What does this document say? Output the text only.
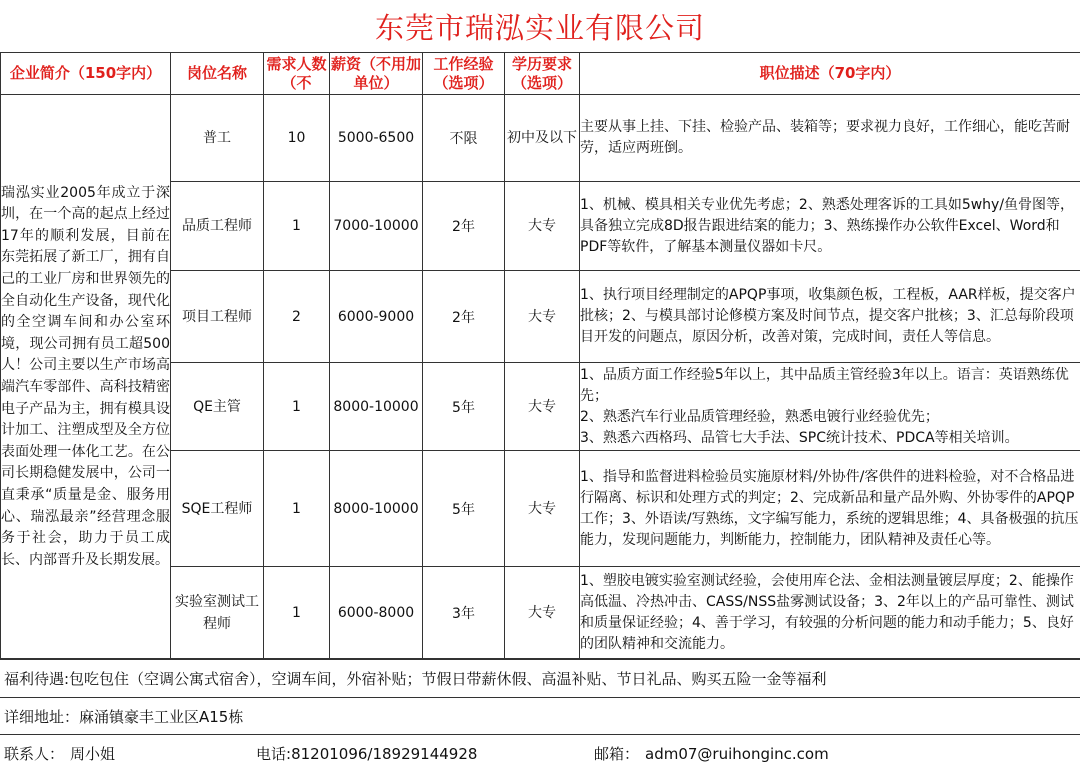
东莞市瑞泓实业有限公司
企业简介（150字内）	岗位名称	需求人数（不	薪资（不用加单位）	工作经验（选项）	学历要求（选项）	职位描述（70字内）
瑞泓实业2005年成立于深圳，在一个高的起点上经过17年的顺利发展，目前在东莞拓展了新工厂，拥有自己的工业厂房和世界领先的全自动化生产设备，现代化的全空调车间和办公室环境，现公司拥有员工超500人！公司主要以生产市场高端汽车零部件、高科技精密电子产品为主，拥有模具设计加工、注塑成型及全方位表面处理一体化工艺。在公司长期稳健发展中，公司一直秉承“质量是金、服务用心、瑞泓最亲”经营理念服务于社会，助力于员工成长、内部晋升及长期发展。	普工	10	5000-6500	不限	初中及以下	主要从事上挂、下挂、检验产品、装箱等；要求视力良好，工作细心，能吃苦耐劳，适应两班倒。

	品质工程师	1	7000-10000	2年	大专	1、机械、模具相关专业优先考虑；2、熟悉处理客诉的工具如5why/鱼骨图等，具备独立完成8D报告跟进结案的能力；3、熟练操作办公软件Excel、Word和PDF等软件，了解基本测量仪器如卡尺。

	项目工程师	2	6000-9000	2年	大专	1、执行项目经理制定的APQP事项，收集颜色板，工程板，AAR样板，提交客户批核；2、与模具部讨论修模方案及时间节点，提交客户批核；3、汇总每阶段项目开发的问题点，原因分析，改善对策，完成时间，责任人等信息。

	QE主管	1	8000-10000	5年	大专	1、品质方面工作经验5年以上，其中品质主管经验3年以上。语言：英语熟练优先；
2、熟悉汽车行业品质管理经验，熟悉电镀行业经验优先；
3、熟悉六西格玛、品管七大手法、SPC统计技术、PDCA等相关培训。

	SQE工程师	1	8000-10000	5年	大专	1、指导和监督进料检验员实施原材料/外协件/客供件的进料检验，对不合格品进行隔离、标识和处理方式的判定；2、完成新品和量产品外购、外协零件的APQP工作；3、外语读/写熟练，文字编写能力，系统的逻辑思维；4、具备极强的抗压能力，发现问题能力，判断能力，控制能力，团队精神及责任心等。

	实验室测试工程师	1	6000-8000	3年	大专	1、塑胶电镀实验室测试经验，会使用库仑法、金相法测量镀层厚度；2、能操作高低温、冷热冲击、CASS/NSS盐雾测试设备；3、2年以上的产品可靠性、测试和质量保证经验；4、善于学习，有较强的分析问题的能力和动手能力；5、良好的团队精神和交流能力。
福利待遇:包吃包住（空调公寓式宿舍），空调车间，外宿补贴；节假日带薪休假、高温补贴、节日礼品、购买五险一金等福利
详细地址：麻涌镇豪丰工业区A15栋
联系人： 周小姐	电话:81201096/18929144928	邮箱： adm07@ruihonginc.com
